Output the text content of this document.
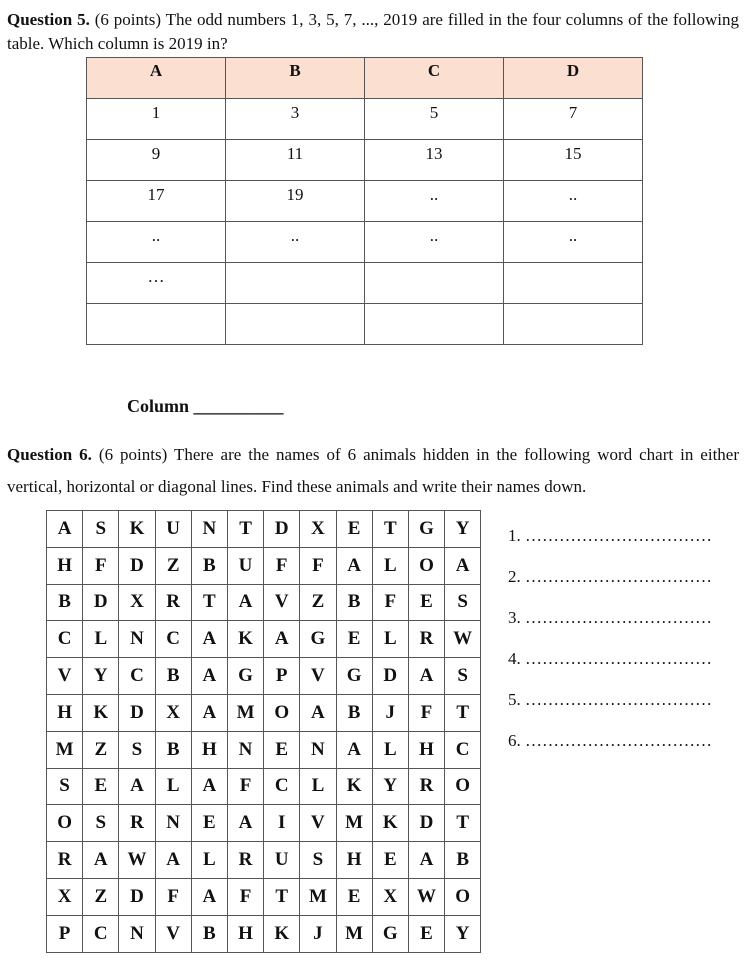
Question 5. (6 points) The odd numbers 1, 3, 5, 7, ..., 2019 are filled in the four columns of the following table. Which column is 2019 in?
A	B	C	D
1	3	5	7
9	11	13	15
17	19	..	..
..	..	..	..
…			

Column __________
Question 6. (6 points) There are the names of 6 animals hidden in the following word chart in either vertical, horizontal or diagonal lines. Find these animals and write their names down.
A	S	K	U	N	T	D	X	E	T	G	Y
H	F	D	Z	B	U	F	F	A	L	O	A
B	D	X	R	T	A	V	Z	B	F	E	S
C	L	N	C	A	K	A	G	E	L	R	W
V	Y	C	B	A	G	P	V	G	D	A	S
H	K	D	X	A	M	O	A	B	J	F	T
M	Z	S	B	H	N	E	N	A	L	H	C
S	E	A	L	A	F	C	L	K	Y	R	O
O	S	R	N	E	A	I	V	M	K	D	T
R	A	W	A	L	R	U	S	H	E	A	B
X	Z	D	F	A	F	T	M	E	X	W	O
P	C	N	V	B	H	K	J	M	G	E	Y
1. ……………………………
2. ……………………………
3. ……………………………
4. ……………………………
5. ……………………………
6. ……………………………
